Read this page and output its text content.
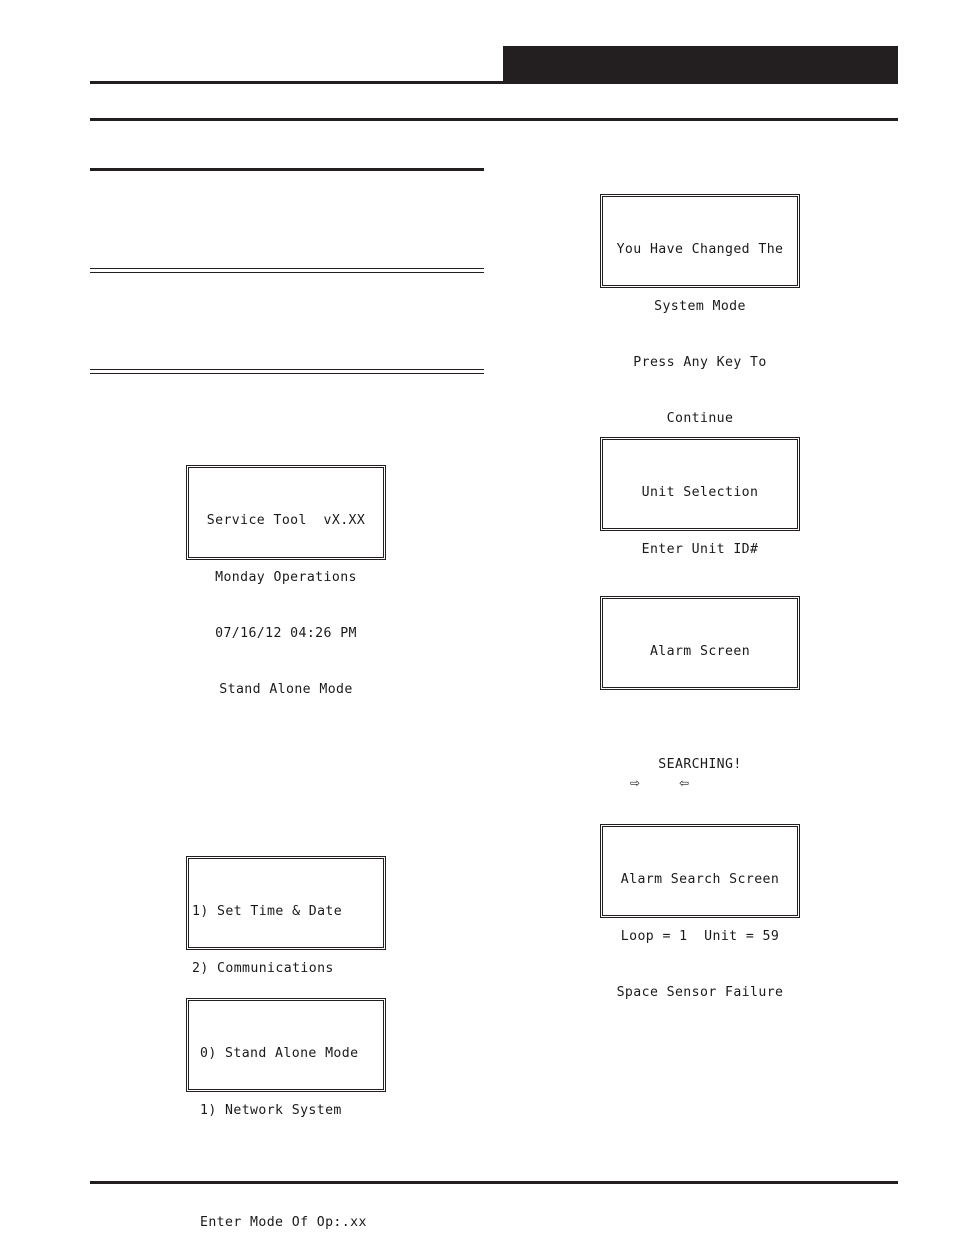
Service Tool  vX.XX

Monday Operations

07/16/12 04:26 PM

Stand Alone Mode

1) Set Time & Date

2) Communications

0) Stand Alone Mode

1) Network System

Enter Mode Of Op:.xx

You Have Changed The

System Mode

Press Any Key To

Continue

Unit Selection

Enter Unit ID#

Alarm Screen

SEARCHING!

⇨	⇦

Alarm Search Screen

Loop = 1  Unit = 59

Space Sensor Failure
